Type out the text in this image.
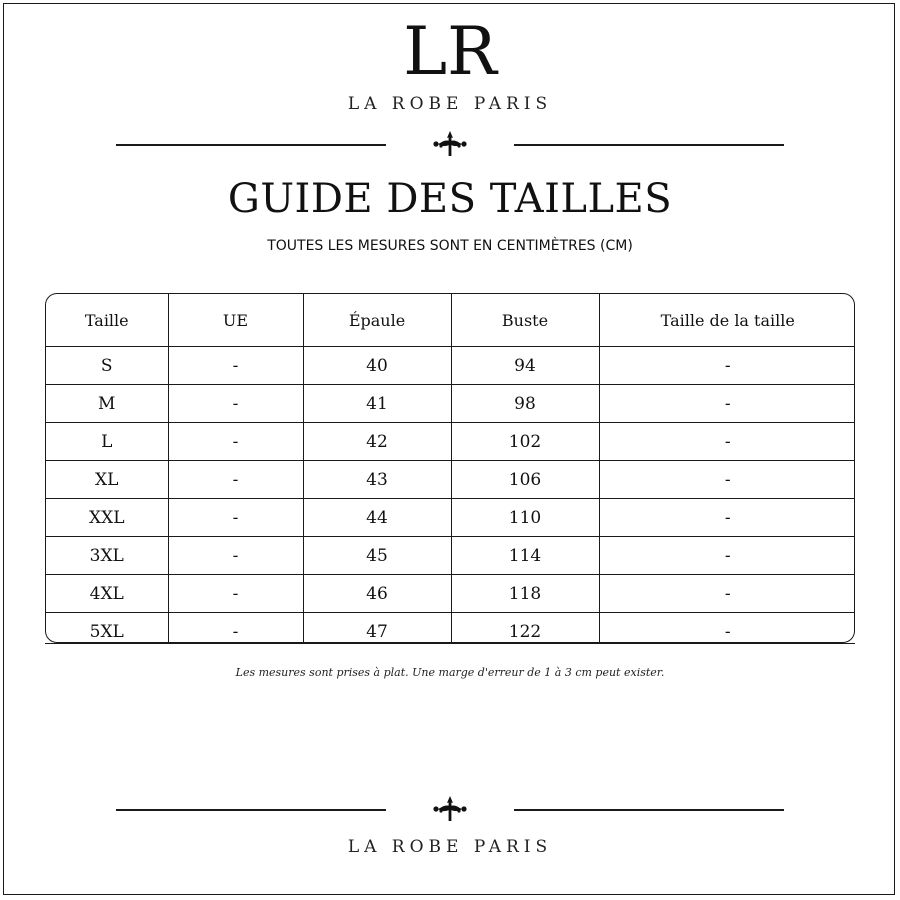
LR
LA ROBE PARIS
GUIDE DES TAILLES
TOUTES LES MESURES SONT EN CENTIMÈTRES (CM)
Taille	UE	Épaule	Buste	Taille de la taille
S	-	40	94	-
M	-	41	98	-
L	-	42	102	-
XL	-	43	106	-
XXL	-	44	110	-
3XL	-	45	114	-
4XL	-	46	118	-
5XL	-	47	122	-
Les mesures sont prises à plat. Une marge d'erreur de 1 à 3 cm peut exister.
LA ROBE PARIS
